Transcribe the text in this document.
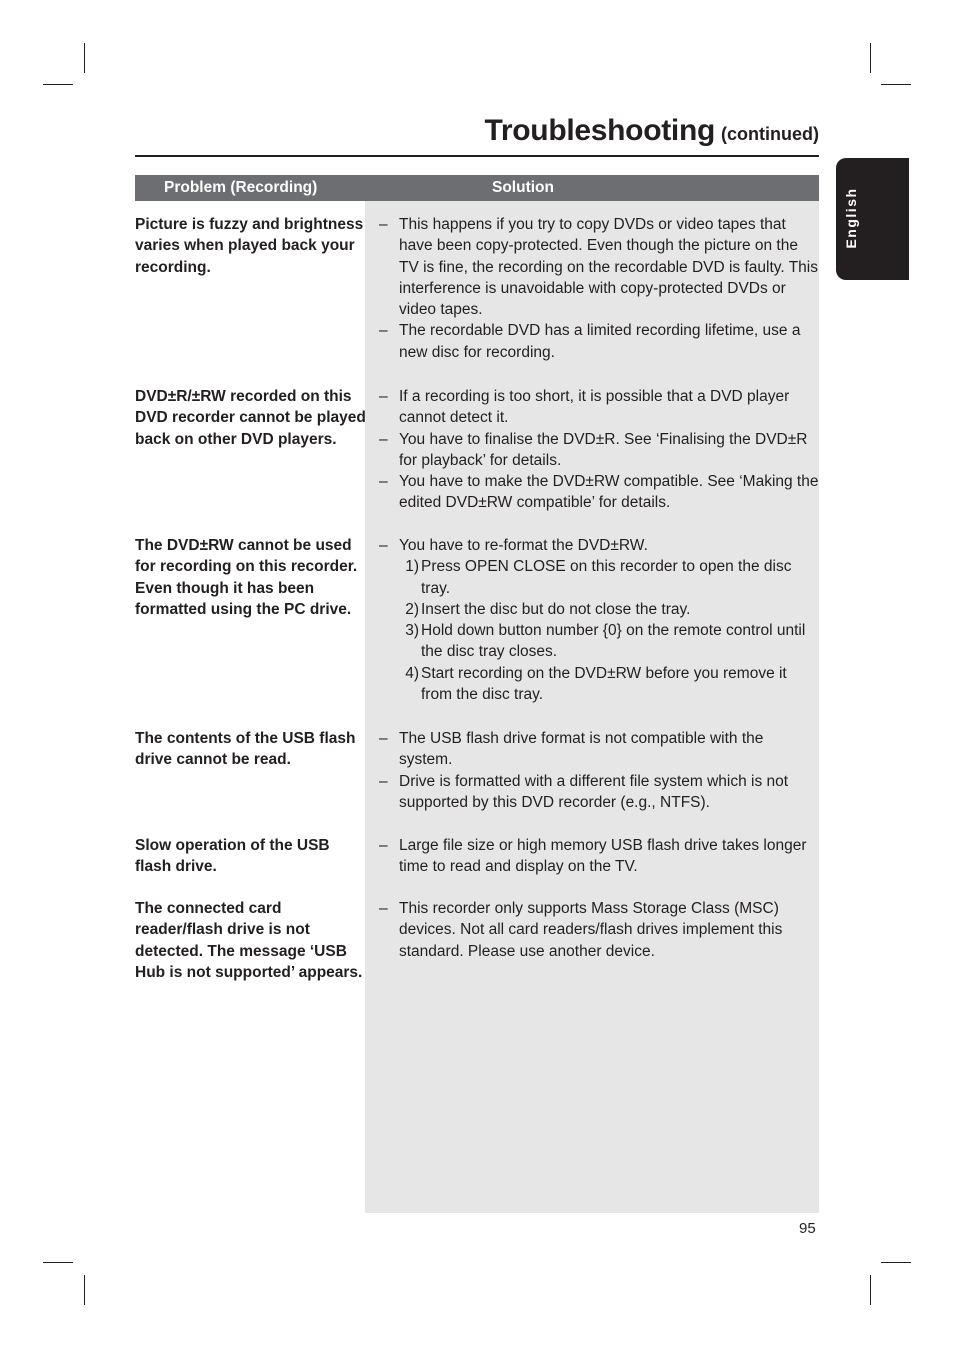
Troubleshooting (continued)
English
Problem (Recording)	Solution
Picture is fuzzy and brightness varies when played back your recording.
– This happens if you try to copy DVDs or video tapes that have been copy-protected. Even though the picture on the TV is fine, the recording on the recordable DVD is faulty. This interference is unavoidable with copy-protected DVDs or video tapes.
– The recordable DVD has a limited recording lifetime, use a new disc for recording.
DVD±R/±RW recorded on this DVD recorder cannot be played back on other DVD players.
– If a recording is too short, it is possible that a DVD player cannot detect it.
– You have to finalise the DVD±R. See ‘Finalising the DVD±R for playback’ for details.
– You have to make the DVD±RW compatible. See ‘Making the edited DVD±RW compatible’ for details.
The DVD±RW cannot be used for recording on this recorder. Even though it has been formatted using the PC drive.
– You have to re-format the DVD±RW.
1) Press OPEN CLOSE on this recorder to open the disc tray.
2) Insert the disc but do not close the tray.
3) Hold down button number {0} on the remote control until the disc tray closes.
4) Start recording on the DVD±RW before you remove it from the disc tray.
The contents of the USB flash drive cannot be read.
– The USB flash drive format is not compatible with the system.
– Drive is formatted with a different file system which is not supported by this DVD recorder (e.g., NTFS).
Slow operation of the USB flash drive.
– Large file size or high memory USB flash drive takes longer time to read and display on the TV.
The connected card reader/flash drive is not detected. The message ‘USB Hub is not supported’ appears.
– This recorder only supports Mass Storage Class (MSC) devices. Not all card readers/flash drives implement this standard. Please use another device.
95
